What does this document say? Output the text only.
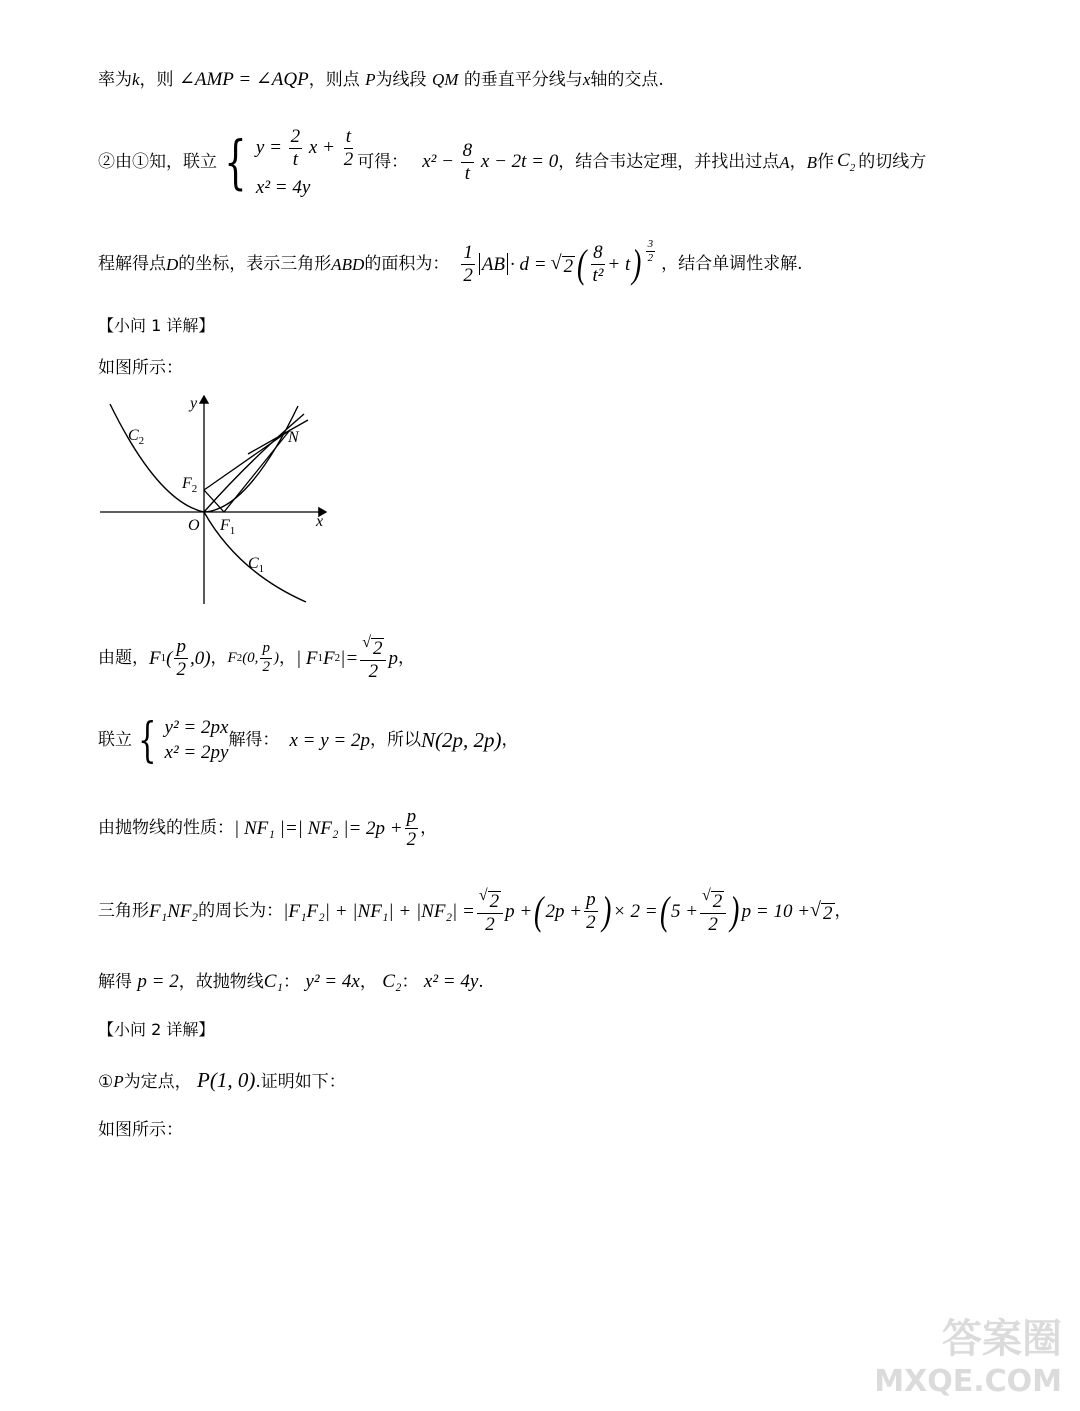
率为k，则 ∠AMP = ∠AQP，则点 P为线段 QM 的垂直平分线与x轴的交点.
②由①知，联立 { $y = \frac{2}{t}$ $x + \frac{t}{2}$
x² = 4y
可得： $x^2 - \frac{8}{t}$ x − 2t = 0 ，结合韦达定理，并找出过点 A ， B 作 $C_2$ 的切线方
程解得点 D 的坐标，表示三角形 ABD 的面积为： $\frac{1}{2}$ AB · d = √ 2 ( $\frac{8}{\text{t²}} + t$ ) $\frac{3}{2}$ ，结合单调性求解.
【小问 1 详解】
如图所示：
y
x
O
$C_2$
$C_1$
$F_2$
$F_1$
N
由题， F 1 ( $\frac{p}{2} ,0$) ， F 2 (0, $\frac{p}{2}$ ) ， | F 1 F 2 |= $\frac{√ 2}{2}$ p ，
联立 { y² = 2px
x² = 2py
解得： x = y = 2p ，所以 N(2p, 2p) ，
由抛物线的性质： | NF₁ |=| NF₂ |= $2p + \frac{p}{2}$ ，
三角形 F₁NF₂ 的周长为： $|F_1F_2| + |NF_1| + |NF_2| = \frac{√ 2}{2}$ p + ( $2p + \frac{p}{2}$ ) × 2 = ( $5 + \frac{√ 2}{2}$ ) p = 10 + √ 2 ，
解得 p = 2，故抛物线C₁： y² = 4x， C₂： x² = 4y.
【小问 2 详解】
①P为定点， P(1, 0).证明如下：
如图所示：
答案圈
MXQE.COM
